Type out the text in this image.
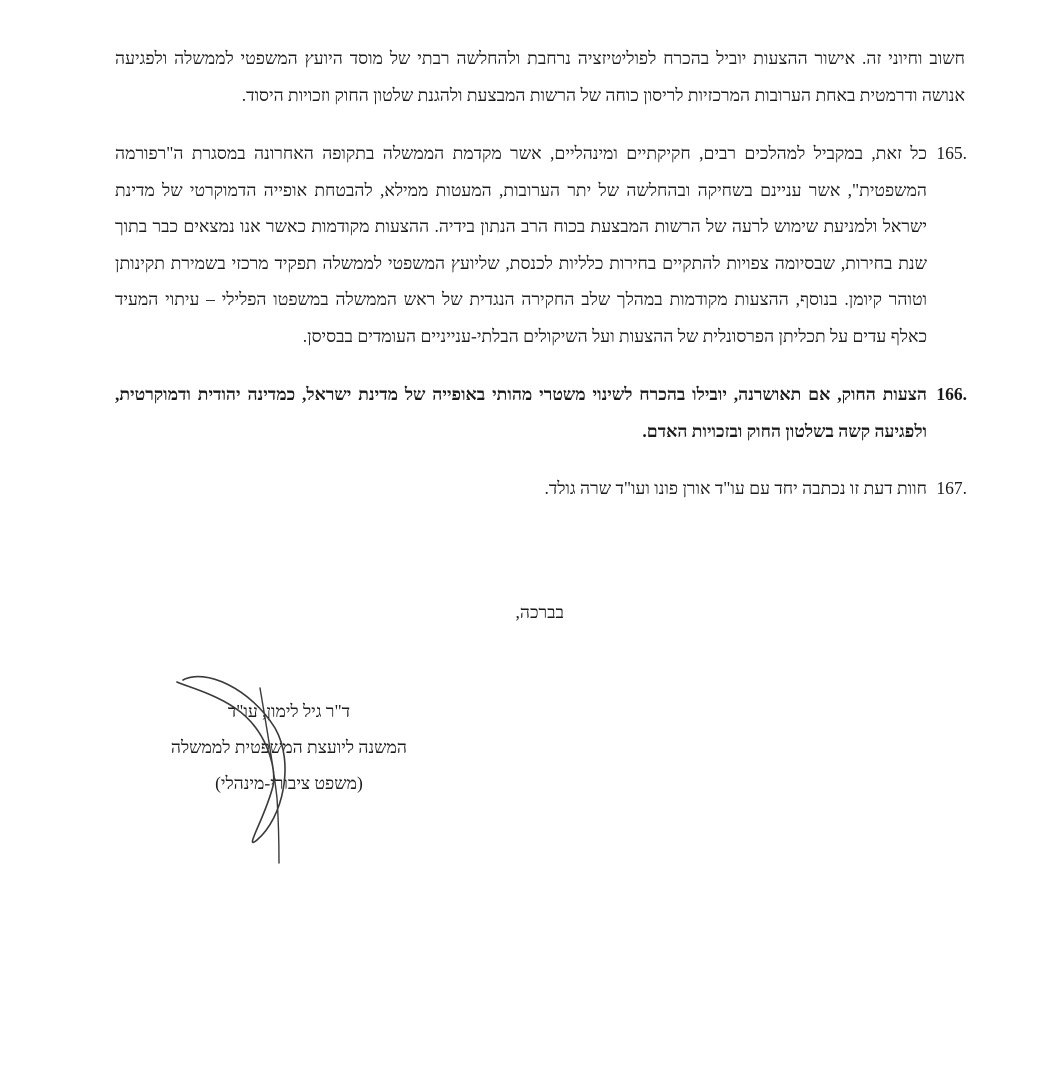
חשוב וחיוני זה. אישור ההצעות יוביל בהכרח לפוליטיזציה נרחבת ולהחלשה רבתי של מוסד היועץ המשפטי לממשלה ולפגיעה אנושה ודרמטית באחת הערובות המרכזיות לריסון כוחה של הרשות המבצעת ולהגנת שלטון החוק וזכויות היסוד.

165.
כל זאת, במקביל למהלכים רבים, חקיקתיים ומינהליים, אשר מקדמת הממשלה בתקופה האחרונה במסגרת ה"רפורמה המשפטית", אשר עניינם בשחיקה ובהחלשה של יתר הערובות, המעטות ממילא, להבטחת אופייה הדמוקרטי של מדינת ישראל ולמניעת שימוש לרעה של הרשות המבצעת בכוח הרב הנתון בידיה. ההצעות מקודמות כאשר אנו נמצאים כבר בתוך שנת בחירות, שבסיומה צפויות להתקיים בחירות כלליות לכנסת, שליועץ המשפטי לממשלה תפקיד מרכזי בשמירת תקינותן וטוהר קיומן. בנוסף, ההצעות מקודמות במהלך שלב החקירה הנגדית של ראש הממשלה במשפטו הפלילי – עיתוי המעיד כאלף עדים על תכליתן הפרסונלית של ההצעות ועל השיקולים הבלתי-ענייניים העומדים בבסיסן.
166.
הצעות החוק, אם תאושרנה, יובילו בהכרח לשינוי משטרי מהותי באופייה של מדינת ישראל, כמדינה יהודית ודמוקרטית, ולפגיעה קשה בשלטון החוק ובזכויות האדם.
167.
חוות דעת זו נכתבה יחד עם עו"ד אורן פונו ועו"ד שרה גולד.
בברכה,
ד"ר גיל לימון, עו"ד
המשנה ליועצת המשפטית לממשלה
(משפט ציבורי-מינהלי)
